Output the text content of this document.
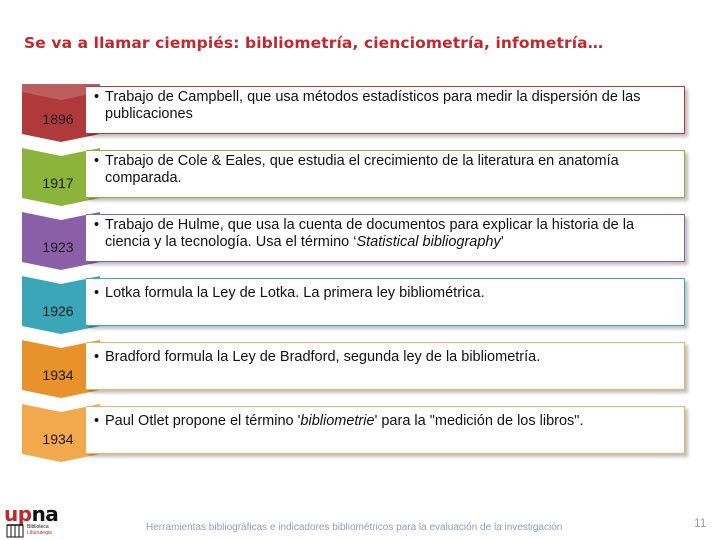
Se va a llamar ciempiés: bibliometría, cienciometría, infometría…
1896
• Trabajo de Campbell, que usa métodos estadísticos para medir la dispersión de las publicaciones
1917
• Trabajo de Cole & Eales, que estudia el crecimiento de la literatura en anatomía comparada.
1923
• Trabajo de Hulme, que usa la cuenta de documentos para explicar la historia de la ciencia y la tecnología. Usa el término ‘Statistical bibliography’
1926
• Lotka formula la Ley de Lotka. La primera ley bibliométrica.
1934
• Bradford formula la Ley de Bradford, segunda ley de la bibliometría.
1934
• Paul Otlet propone el término 'bibliometrie' para la "medición de los libros".
upna
Biblioteca
Liburutegia	Herramientas bibliográficas e indicadores bibliométricos para la evaluación de la investigación	11
